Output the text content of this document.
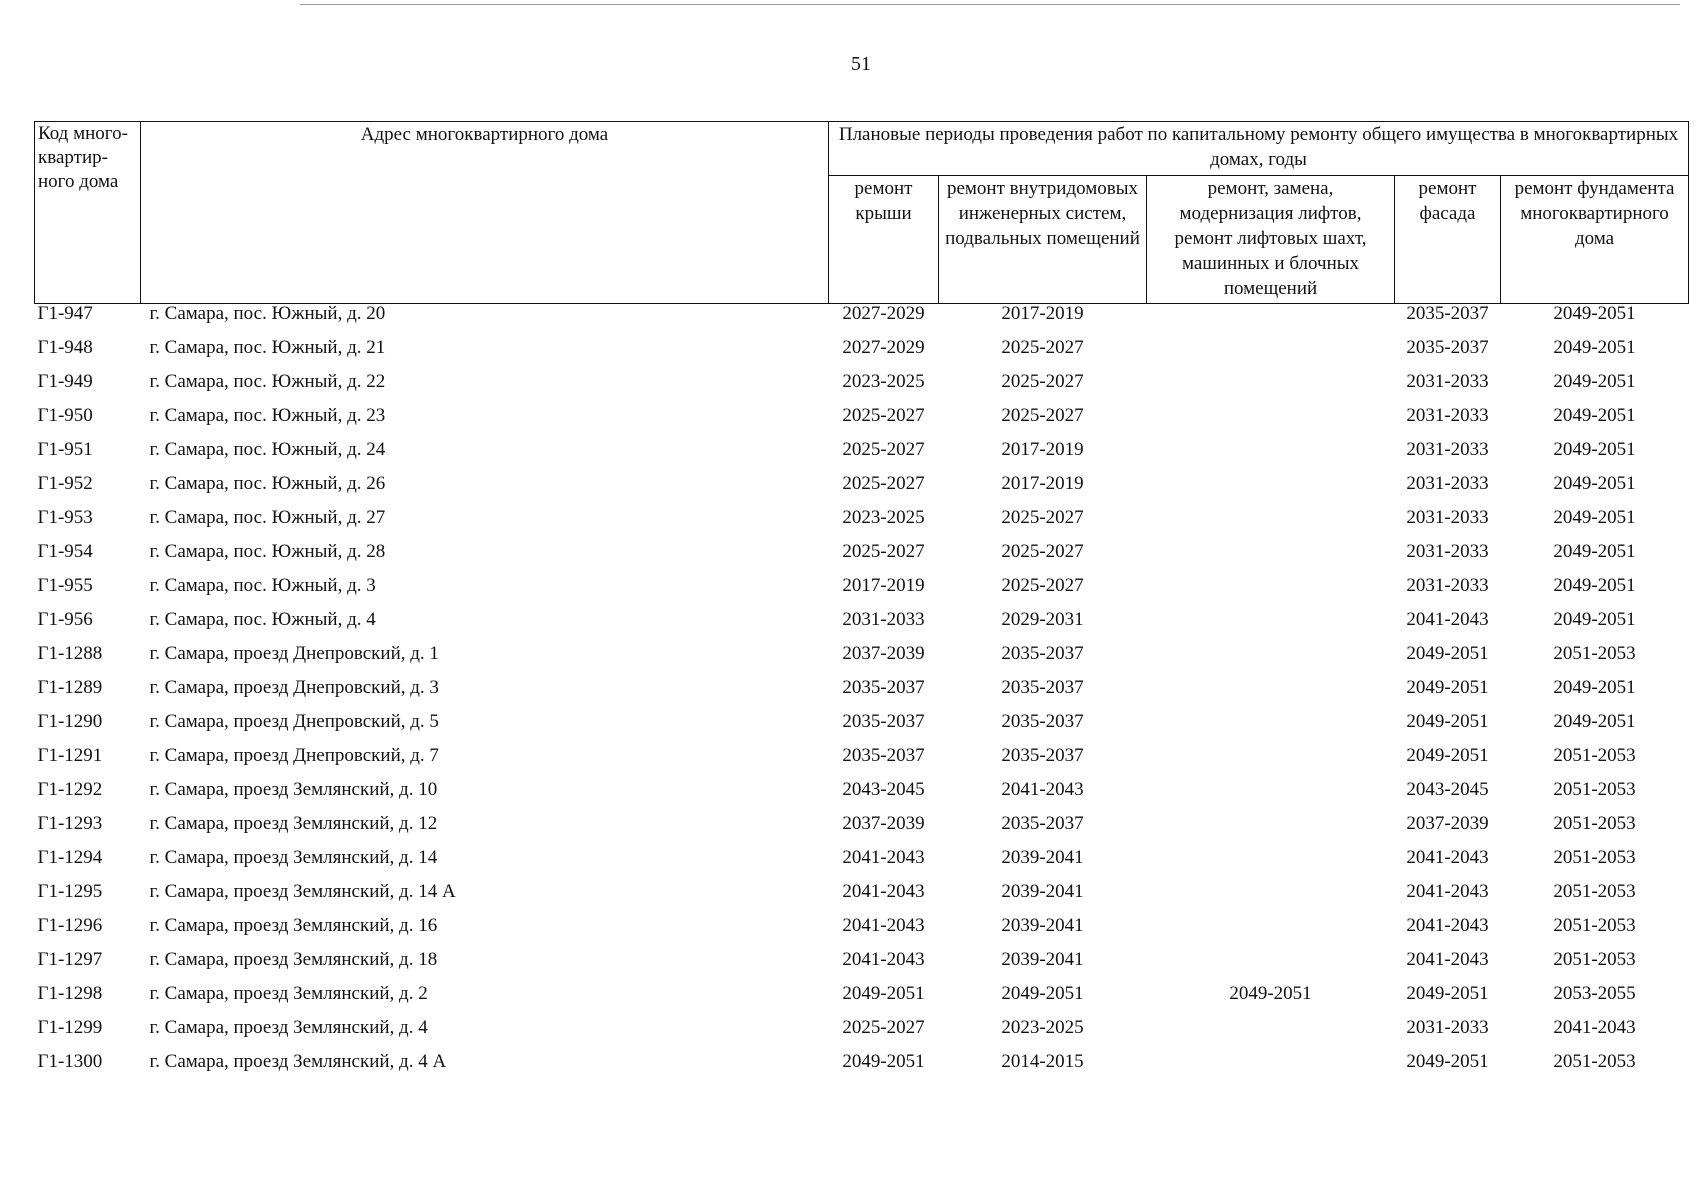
51
Код много-квартир-ного дома	Адрес многоквартирного дома	Плановые периоды проведения работ по капитальному ремонту общего имущества в многоквартирных домах, годы				
		ремонт крыши	ремонт внутридомовых инженерных систем, подвальных помещений	ремонт, замена, модернизация лифтов, ремонт лифтовых шахт, машинных и блочных помещений	ремонт фасада	ремонт фундамента многоквартирного дома
Г1-947	г. Самара, пос. Южный, д. 20	2027-2029	2017-2019		2035-2037	2049-2051
Г1-948	г. Самара, пос. Южный, д. 21	2027-2029	2025-2027		2035-2037	2049-2051
Г1-949	г. Самара, пос. Южный, д. 22	2023-2025	2025-2027		2031-2033	2049-2051
Г1-950	г. Самара, пос. Южный, д. 23	2025-2027	2025-2027		2031-2033	2049-2051
Г1-951	г. Самара, пос. Южный, д. 24	2025-2027	2017-2019		2031-2033	2049-2051
Г1-952	г. Самара, пос. Южный, д. 26	2025-2027	2017-2019		2031-2033	2049-2051
Г1-953	г. Самара, пос. Южный, д. 27	2023-2025	2025-2027		2031-2033	2049-2051
Г1-954	г. Самара, пос. Южный, д. 28	2025-2027	2025-2027		2031-2033	2049-2051
Г1-955	г. Самара, пос. Южный, д. 3	2017-2019	2025-2027		2031-2033	2049-2051
Г1-956	г. Самара, пос. Южный, д. 4	2031-2033	2029-2031		2041-2043	2049-2051
Г1-1288	г. Самара, проезд Днепровский, д. 1	2037-2039	2035-2037		2049-2051	2051-2053
Г1-1289	г. Самара, проезд Днепровский, д. 3	2035-2037	2035-2037		2049-2051	2049-2051
Г1-1290	г. Самара, проезд Днепровский, д. 5	2035-2037	2035-2037		2049-2051	2049-2051
Г1-1291	г. Самара, проезд Днепровский, д. 7	2035-2037	2035-2037		2049-2051	2051-2053
Г1-1292	г. Самара, проезд Землянский, д. 10	2043-2045	2041-2043		2043-2045	2051-2053
Г1-1293	г. Самара, проезд Землянский, д. 12	2037-2039	2035-2037		2037-2039	2051-2053
Г1-1294	г. Самара, проезд Землянский, д. 14	2041-2043	2039-2041		2041-2043	2051-2053
Г1-1295	г. Самара, проезд Землянский, д. 14 А	2041-2043	2039-2041		2041-2043	2051-2053
Г1-1296	г. Самара, проезд Землянский, д. 16	2041-2043	2039-2041		2041-2043	2051-2053
Г1-1297	г. Самара, проезд Землянский, д. 18	2041-2043	2039-2041		2041-2043	2051-2053
Г1-1298	г. Самара, проезд Землянский, д. 2	2049-2051	2049-2051	2049-2051	2049-2051	2053-2055
Г1-1299	г. Самара, проезд Землянский, д. 4	2025-2027	2023-2025		2031-2033	2041-2043
Г1-1300	г. Самара, проезд Землянский, д. 4 А	2049-2051	2014-2015		2049-2051	2051-2053
